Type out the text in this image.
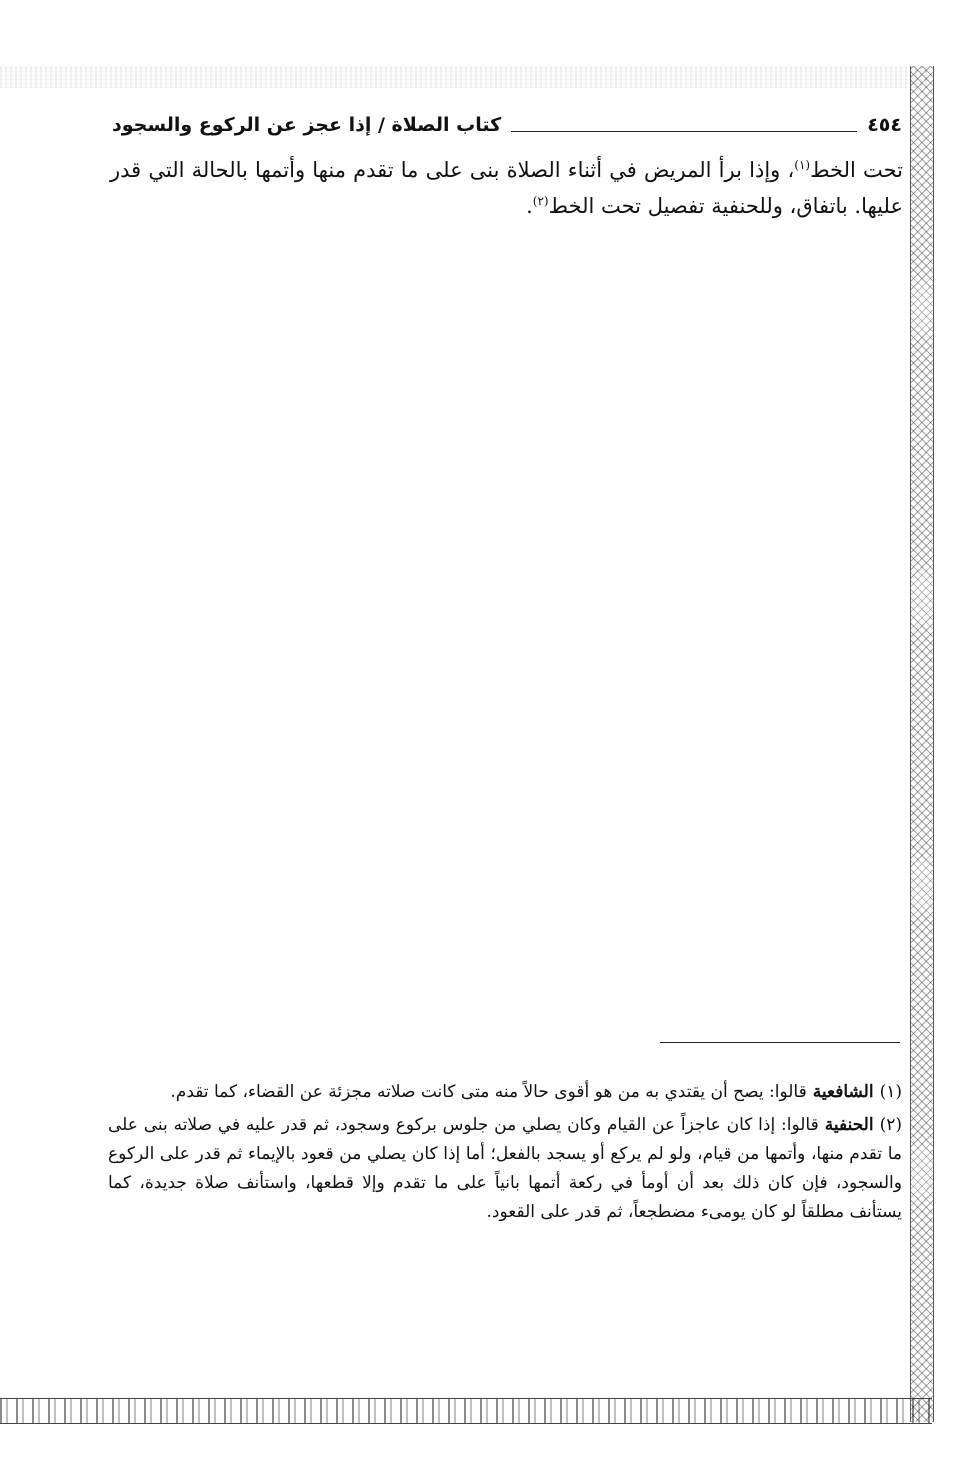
٤٥٤
كتاب الصلاة / إذا عجز عن الركوع والسجود

تحت الخط$^{(١)}$، وإذا برأ المريض في أثناء الصلاة بنى على ما تقدم منها وأتمها بالحالة التي قدر عليها. باتفاق، وللحنفية تفصيل تحت الخط$^{(٢)}$.

(١)الشافعيةقالوا: يصح أن يقتدي به من هو أقوى حالاً منه متى كانت صلاته مجزئة عن القضاء، كما تقدم.

(٢)الحنفيةقالوا: إذا كان عاجزاً عن القيام وكان يصلي من جلوس بركوع وسجود، ثم قدر عليه في صلاته بنى على ما تقدم منها، وأتمها من قيام، ولو لم يركع أو يسجد بالفعل؛ أما إذا كان يصلي من قعود بالإيماء ثم قدر على الركوع والسجود، فإن كان ذلك بعد أن أومأ في ركعة أتمها بانياً على ما تقدم وإلا قطعها، واستأنف صلاة جديدة، كما يستأنف مطلقاً لو كان يومىء مضطجعاً، ثم قدر على القعود.
